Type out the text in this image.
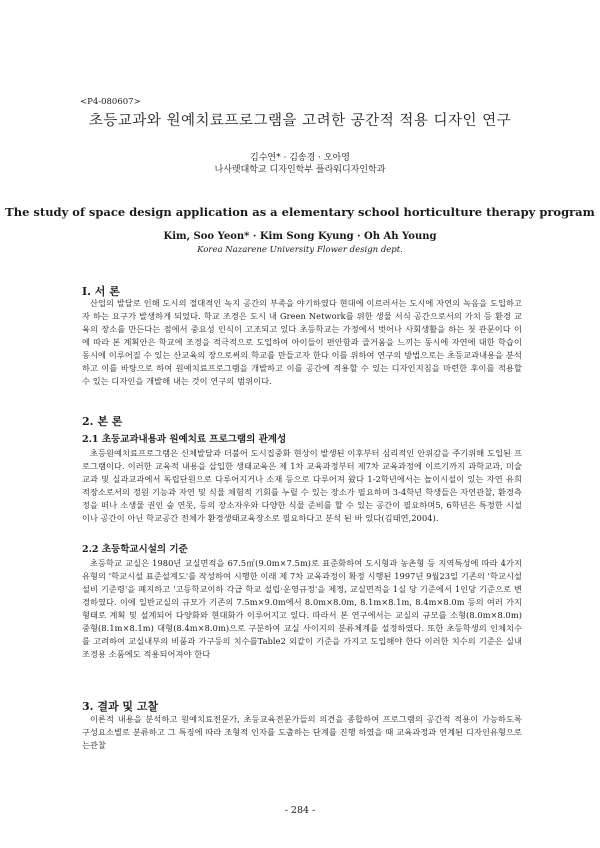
<P4-080607>
초등교과와 원예치료프로그램을 고려한 공간적 적용 디자인 연구
김수연* · 김송경 · 오아영
나사렛대학교 디자인학부 플라워디자인학과
The study of space design application as a elementary school horticulture therapy program
Kim, Soo Yeon* · Kim Song Kyung · Oh Ah Young
Korea Nazarene University Flower design dept.
Ⅰ. 서 론

산업의 발달로 인해 도시의 절대적인 녹지 공간의 부족을 야기하였다 현대에 이르러서는 도시에 자연의 녹음을 도입하고자 하는 요구가 발생하게 되었다. 학교 조경은 도시 내 Green Network를 위한 생물 서식 공간으로서의 가치 등 환경 교육의 장소를 만든다는 점에서 중요성 인식이 고조되고 있다 초등학교는 가정에서 벗어나 사회생활을 하는 첫 관문이다 이에 따라 본 계획안은 학교에 조경을 적극적으로 도입하여 아이들이 편안함과 즐거움을 느끼는 동시에 자연에 대한 학습이 동시에 이루어질 수 있는 산교육의 장으로써의 학교를 만들고자 한다 이를 위하여 연구의 방법으로는 초등교과내용을 분석하고 이를 바탕으로 하여 원예치료프로그램을 개발하고 이를 공간에 적용할 수 있는 디자인지침을 마련한 후이를 적용할 수 있는 디자인을 개발해 내는 것이 연구의 범위이다.

2. 본 론
2.1 초등교과내용과 원예치료 프로그램의 관계성

초등원예치료프로그램은 신체발달과 더불어 도시집중화 현상이 발생된 이후부터 심리적인 안위감을 주기위해 도입된 프로그램이다. 이러한 교육적 내용을 삽입한 생태교육은 제 1차 교육과정부터 제7차 교육과정에 이르기까지 과학교과, 미술교과 및 실과교과에서 독립단원으로 다루어지거나 소재 등으로 다루어져 왔다 1-2학년에서는 놀이시설이 있는 자연 유희적장소로서의 정원 기능과 자연 및 식물 체험적 기회를 누릴 수 있는 장소가 필요하며 3-4학년 학생들은 자연관찰, 환경측정을 떠나 소생물 권인 숲 연못, 등의 장소자우와 다양한 식물 준비를 할 수 있는 공간이 필요하며5, 6학년은 특정한 시설이나 공간이 아닌 학교공간 전체가 환경생태교육장소로 필요하다고 분석 된 바 있다(김태연,2004).

2.2 초등학교시설의 기준

초등학교 교실은 1980년 교실면적을 67.5㎡(9.0m×7.5m)로 표준화하여 도시형과 농촌형 등 지역특성에 따라 4가지 유형의 '학교시설 표준설계도'를 작성하여 시행한 이래 제 7차 교육과정이 확정 시행된 1997년 9월23일 기존의 '학교시설 설비 기준령'을 폐지하고 '고등학교이하 각급 학교 설립·운영규정'을 제정, 교실면적을 1실 당 기준에서 1인당 기준으로 변경하였다. 이에 일반교실의 규모가 기존의 7.5m×9.0m에서 8.0m×8.0m, 8.1m×8.1m, 8.4m×8.0m 등의 여러 가지 형태로 계획 및 설계되어 다양화와 현대화가 이루어지고 있다. 따라서 본 연구에서는 교실의 규모를 소형(8.0m×8.0m) 중형(8.1m×8.1m) 대형(8.4m×8.0m)으로 구분하여 교실 사이지의 분류체계를 설정하였다. 또한 초등학생의 인체치수를 고려하여 교실내부의 비품과 가구등의 치수를Table2 외같이 기준을 가지고 도입해야 한다 이러한 치수의 기준은 실내조경용 소품에도 적용되어져야 한다

3. 결과 및 고찰

이론적 내용을 분석하고 원예치료전문가, 초등교육전문가들의 의견을 종합하여 프로그램의 공간적 적용이 가능하도록 구성요소별로 분류하고 그 특징에 따라 조형적 인자를 도출하는 단계를 진행 하였을 때 교육과정과 연계된 디자인유형으로는관찰

- 284 -
